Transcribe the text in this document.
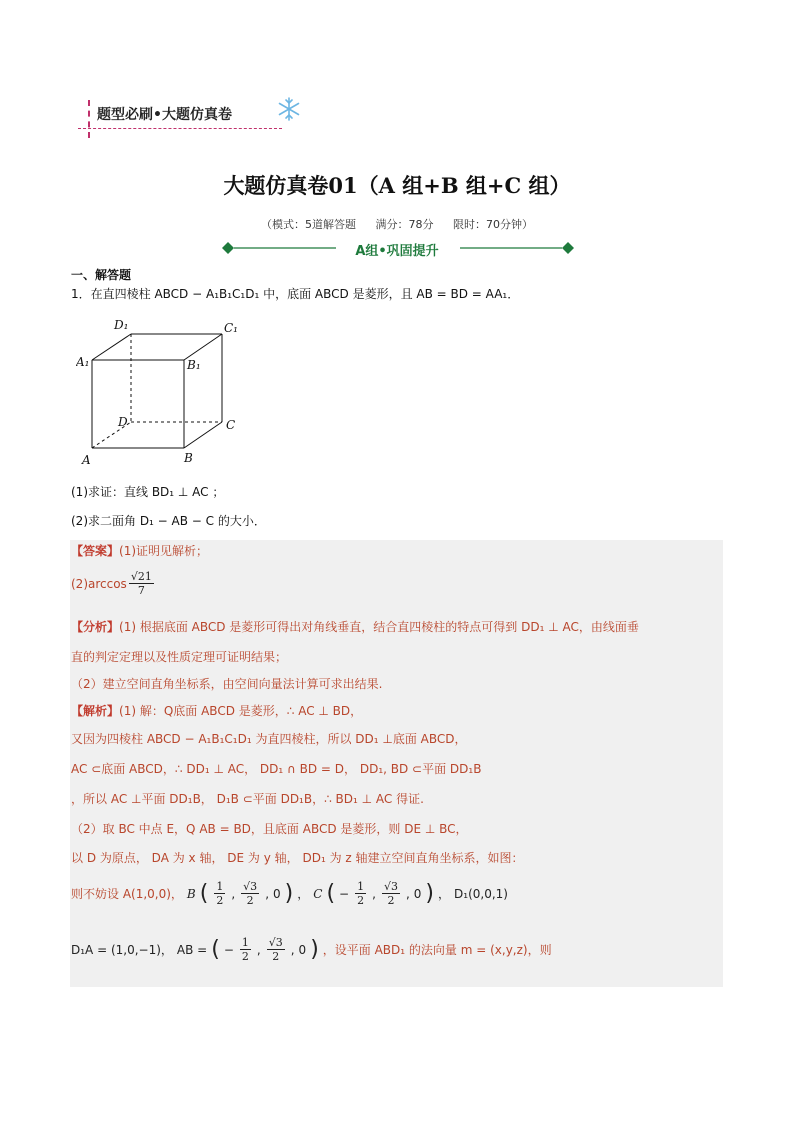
题型必刷•大题仿真卷
大题仿真卷01（A 组+B 组+C 组）
（模式：5道解答题 满分：78分 限时：70分钟）
A组•巩固提升
一、解答题
1．在直四棱柱 ABCD − A₁B₁C₁D₁ 中，底面 ABCD 是菱形，且 AB = BD = AA₁．
D₁	C₁
A₁	B₁
D	C
A	B
(1)求证：直线 BD₁ ⊥ AC ；
(2)求二面角 D₁ − AB − C 的大小．
【答案】(1)证明见解析；
$(2)\arccos \frac{√21}{7}$
【分析】(1) 根据底面 ABCD 是菱形可得出对角线垂直，结合直四棱柱的特点可得到 DD₁ ⊥ AC，由线面垂
直的判定定理以及性质定理可证明结果；
（2）建立空间直角坐标系，由空间向量法计算可求出结果.
【解析】(1) 解：Q底面 ABCD 是菱形，∴ AC ⊥ BD，
又因为四棱柱 ABCD − A₁B₁C₁D₁ 为直四棱柱，所以 DD₁ ⊥底面 ABCD，
AC ⊂底面 ABCD，∴ DD₁ ⊥ AC， DD₁ ∩ BD = D， DD₁, BD ⊂平面 DD₁B
，所以 AC ⊥平面 DD₁B， D₁B ⊂平面 DD₁B，∴ BD₁ ⊥ AC 得证.
（2）取 BC 中点 E，Q AB = BD，且底面 ABCD 是菱形，则 DE ⊥ BC，
以 D 为原点， DA 为 x 轴， DE 为 y 轴， DD₁ 为 z 轴建立空间直角坐标系，如图：
则不妨设 A(1,0,0)， B ( $\frac{1}{2}$ , $\frac{√3}{2}$ , 0 ) ， C ( − $\frac{1}{2}$ , $\frac{√3}{2}$ , 0 ) ， D₁(0,0,1)
D₁A = (1,0,−1)， AB = ( − $\frac{1}{2}$ , $\frac{√3}{2}$ , 0 ) ，设平面 ABD₁ 的法向量 m = (x,y,z)，则
